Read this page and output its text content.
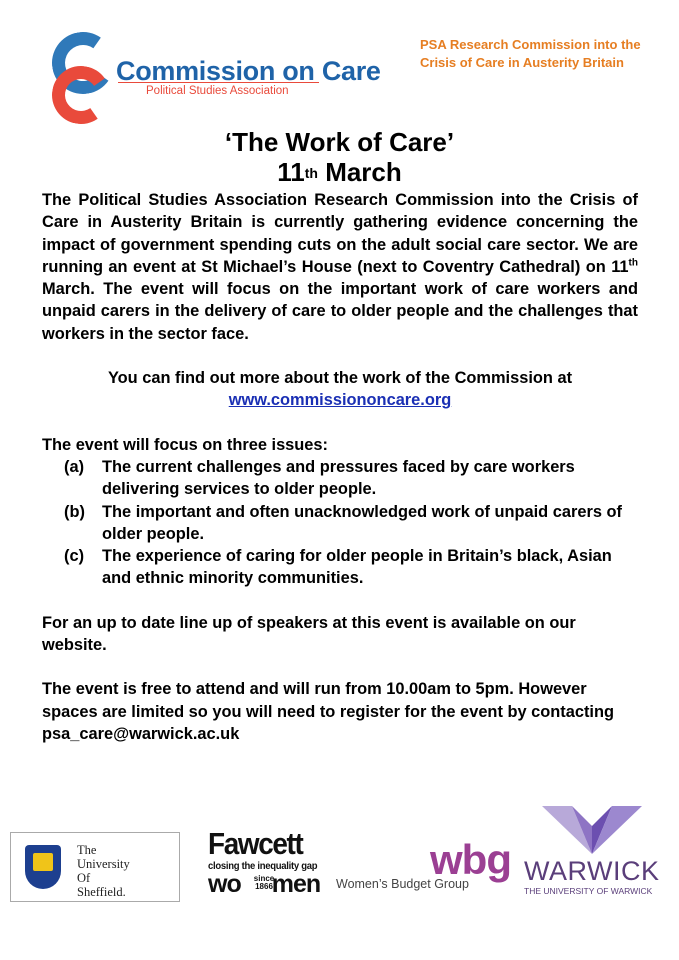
Commission on Care
Political Studies Association
PSA Research Commission into the
Crisis of Care in Austerity Britain
‘The Work of Care’
11th March

The Political Studies Association Research Commission into the Crisis of Care in Austerity Britain is currently gathering evidence concerning the impact of government spending cuts on the adult social care sector. We are running an event at St Michael’s House (next to Coventry Cathedral) on 11th March. The event will focus on the important work of care workers and unpaid carers in the delivery of care to older people and the challenges that workers in the sector face.

You can find out more about the work of the Commission at
www.commissiononcare.org

The event will focus on three issues:

(a) The current challenges and pressures faced by care workers delivering services to older people.
(b) The important and often unacknowledged work of unpaid carers of older people.
(c) The experience of caring for older people in Britain’s black, Asian and ethnic minority communities.

For an up to date line up of speakers at this event is available on our website.

The event is free to attend and will run from 10.00am to 5pm. However spaces are limited so you will need to register for the event by contacting psa_care@warwick.ac.uk

The
University
Of
Sheffield.
Fawcett
closing the inequality gap
wo men
since
1866
wbg
Women’s Budget Group WARWICK
THE UNIVERSITY OF WARWICK
